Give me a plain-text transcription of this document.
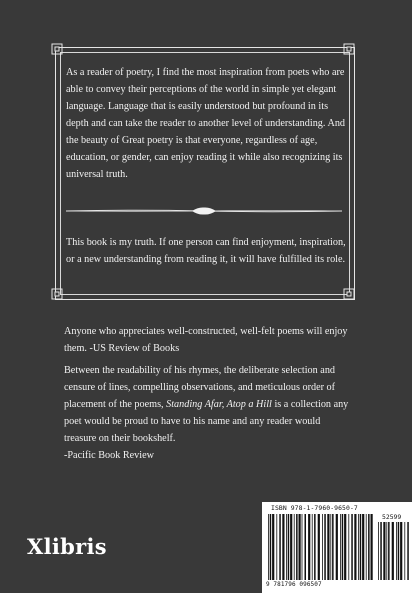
As a reader of poetry, I find the most inspiration from poets who are able to convey their perceptions of the world in simple yet elegant language. Language that is easily understood but profound in its depth and can take the reader to another level of understanding. And the beauty of Great poetry is that everyone, regardless of age, education, or gender, can enjoy reading it while also recognizing its universal truth.

This book is my truth. If one person can find enjoyment, inspiration, or a new understanding from reading it, it will have fulfilled its role.

Anyone who appreciates well-constructed, well-felt poems will enjoy them. -US Review of Books

Between the readability of his rhymes, the deliberate selection and censure of lines, compelling observations, and meticulous order of placement of the poems, Standing Afar, Atop a Hill is a collection any poet would be proud to have to his name and any reader would treasure on their bookshelf.
-Pacific Book Review

ISBN 978-1-7960-9650-7
52599
9 781796 096507
Xlibris
